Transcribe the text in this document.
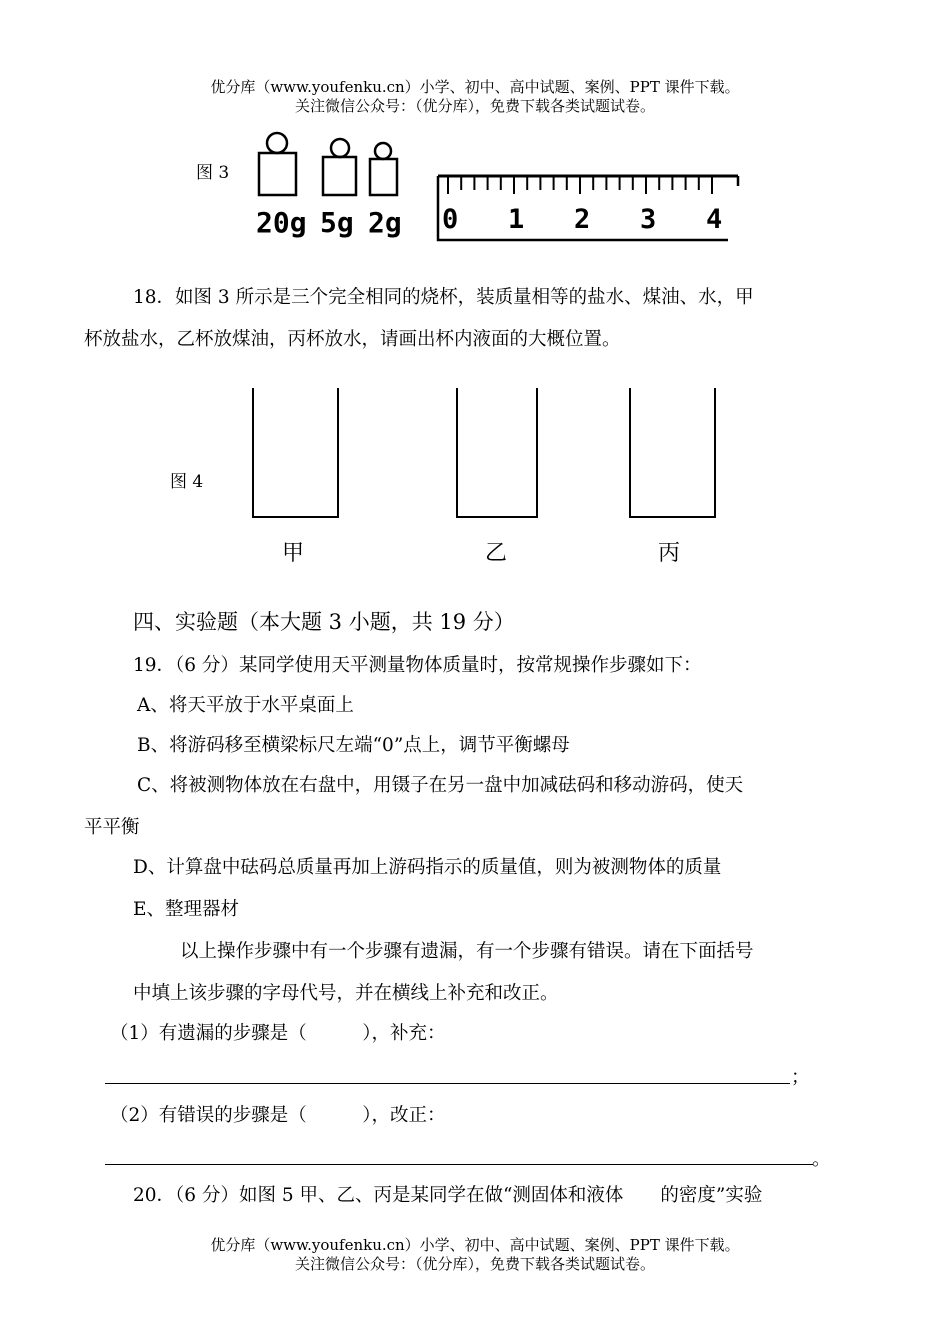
优分库（www.youfenku.cn）小学、初中、高中试题、案例、PPT 课件下载。
关注微信公众号：（优分库），免费下载各类试题试卷。
图 3
20g 5g 2g 0 1 2 3 4
18．如图 3 所示是三个完全相同的烧杯，装质量相等的盐水、煤油、水，甲
杯放盐水，乙杯放煤油，丙杯放水，请画出杯内液面的大概位置。
图 4
甲	乙	丙
四、实验题（本大题 3 小题，共 19 分）
19．（6 分）某同学使用天平测量物体质量时，按常规操作步骤如下：
A、将天平放于水平桌面上
B、将游码移至横梁标尺左端“0”点上，调节平衡螺母
C、将被测物体放在右盘中，用镊子在另一盘中加减砝码和移动游码，使天
平平衡
D、计算盘中砝码总质量再加上游码指示的质量值，则为被测物体的质量
E、整理器材
以上操作步骤中有一个步骤有遗漏，有一个步骤有错误。请在下面括号
中填上该步骤的字母代号，并在横线上补充和改正。
（1）有遗漏的步骤是（　　　），补充：
；
（2）有错误的步骤是（　　　），改正：
。
20．（6 分）如图 5 甲、乙、丙是某同学在做“测固体和液体　　的密度”实验
优分库（www.youfenku.cn）小学、初中、高中试题、案例、PPT 课件下载。
关注微信公众号：（优分库），免费下载各类试题试卷。
